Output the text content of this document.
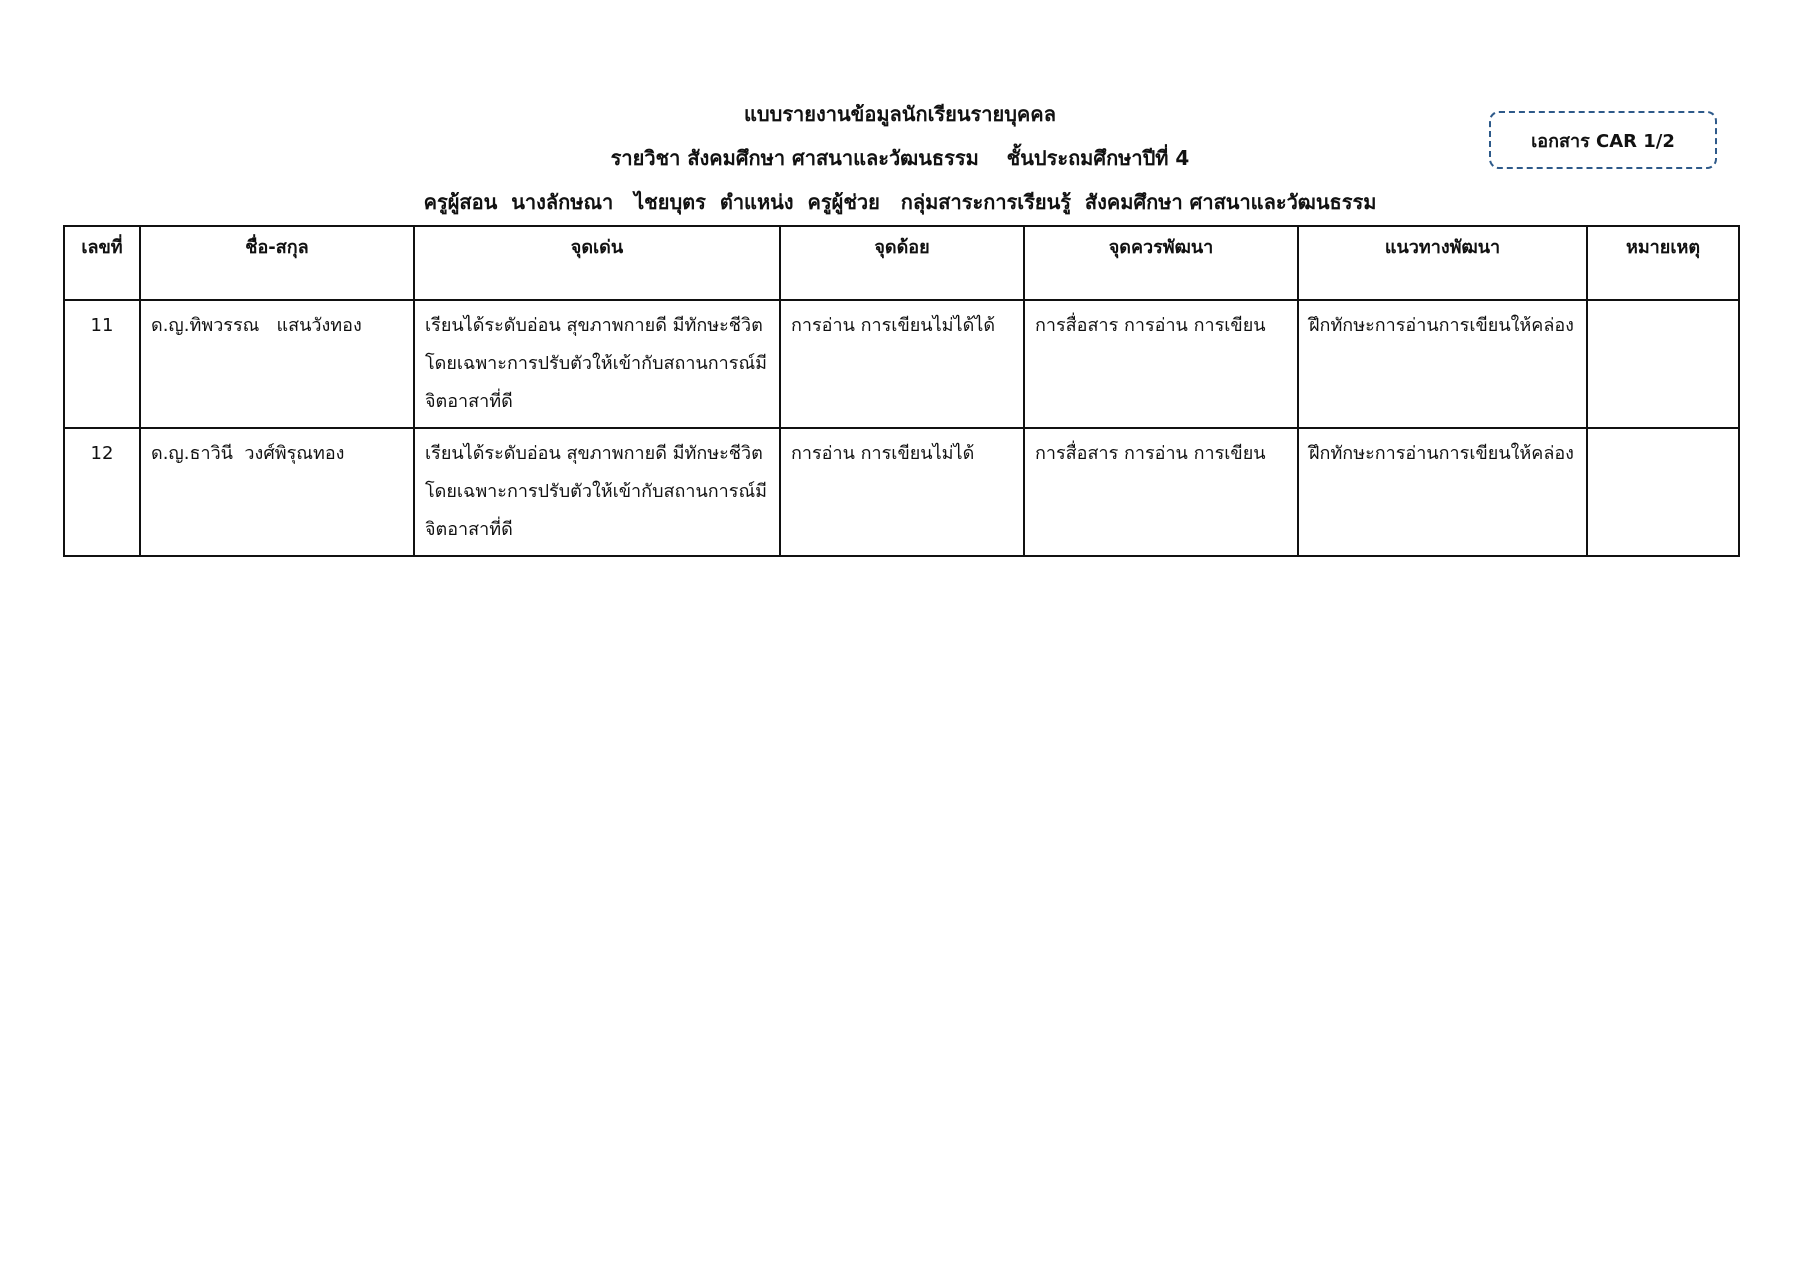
แบบรายงานข้อมูลนักเรียนรายบุคคล
รายวิชา สังคมศึกษา ศาสนาและวัฒนธรรม    ชั้นประถมศึกษาปีที่ 4
ครูผู้สอน  นางลักษณา   ไชยบุตร  ตำแหน่ง  ครูผู้ช่วย   กลุ่มสาระการเรียนรู้  สังคมศึกษา ศาสนาและวัฒนธรรม
เอกสาร CAR 1/2
เลขที่	ชื่อ-สกุล	จุดเด่น	จุดด้อย	จุดควรพัฒนา	แนวทางพัฒนา	หมายเหตุ
11	ด.ญ.ทิพวรรณ   แสนวังทอง	เรียนได้ระดับอ่อน สุขภาพกายดี มีทักษะชีวิตโดยเฉพาะการปรับตัวให้เข้ากับสถานการณ์มีจิตอาสาที่ดี	การอ่าน การเขียนไม่ได้ได้	การสื่อสาร การอ่าน การเขียน	ฝึกทักษะการอ่านการเขียนให้คล่อง	
12	ด.ญ.ธาวินี  วงศ์พิรุณทอง	เรียนได้ระดับอ่อน สุขภาพกายดี มีทักษะชีวิตโดยเฉพาะการปรับตัวให้เข้ากับสถานการณ์มีจิตอาสาที่ดี	การอ่าน การเขียนไม่ได้	การสื่อสาร การอ่าน การเขียน	ฝึกทักษะการอ่านการเขียนให้คล่อง	
